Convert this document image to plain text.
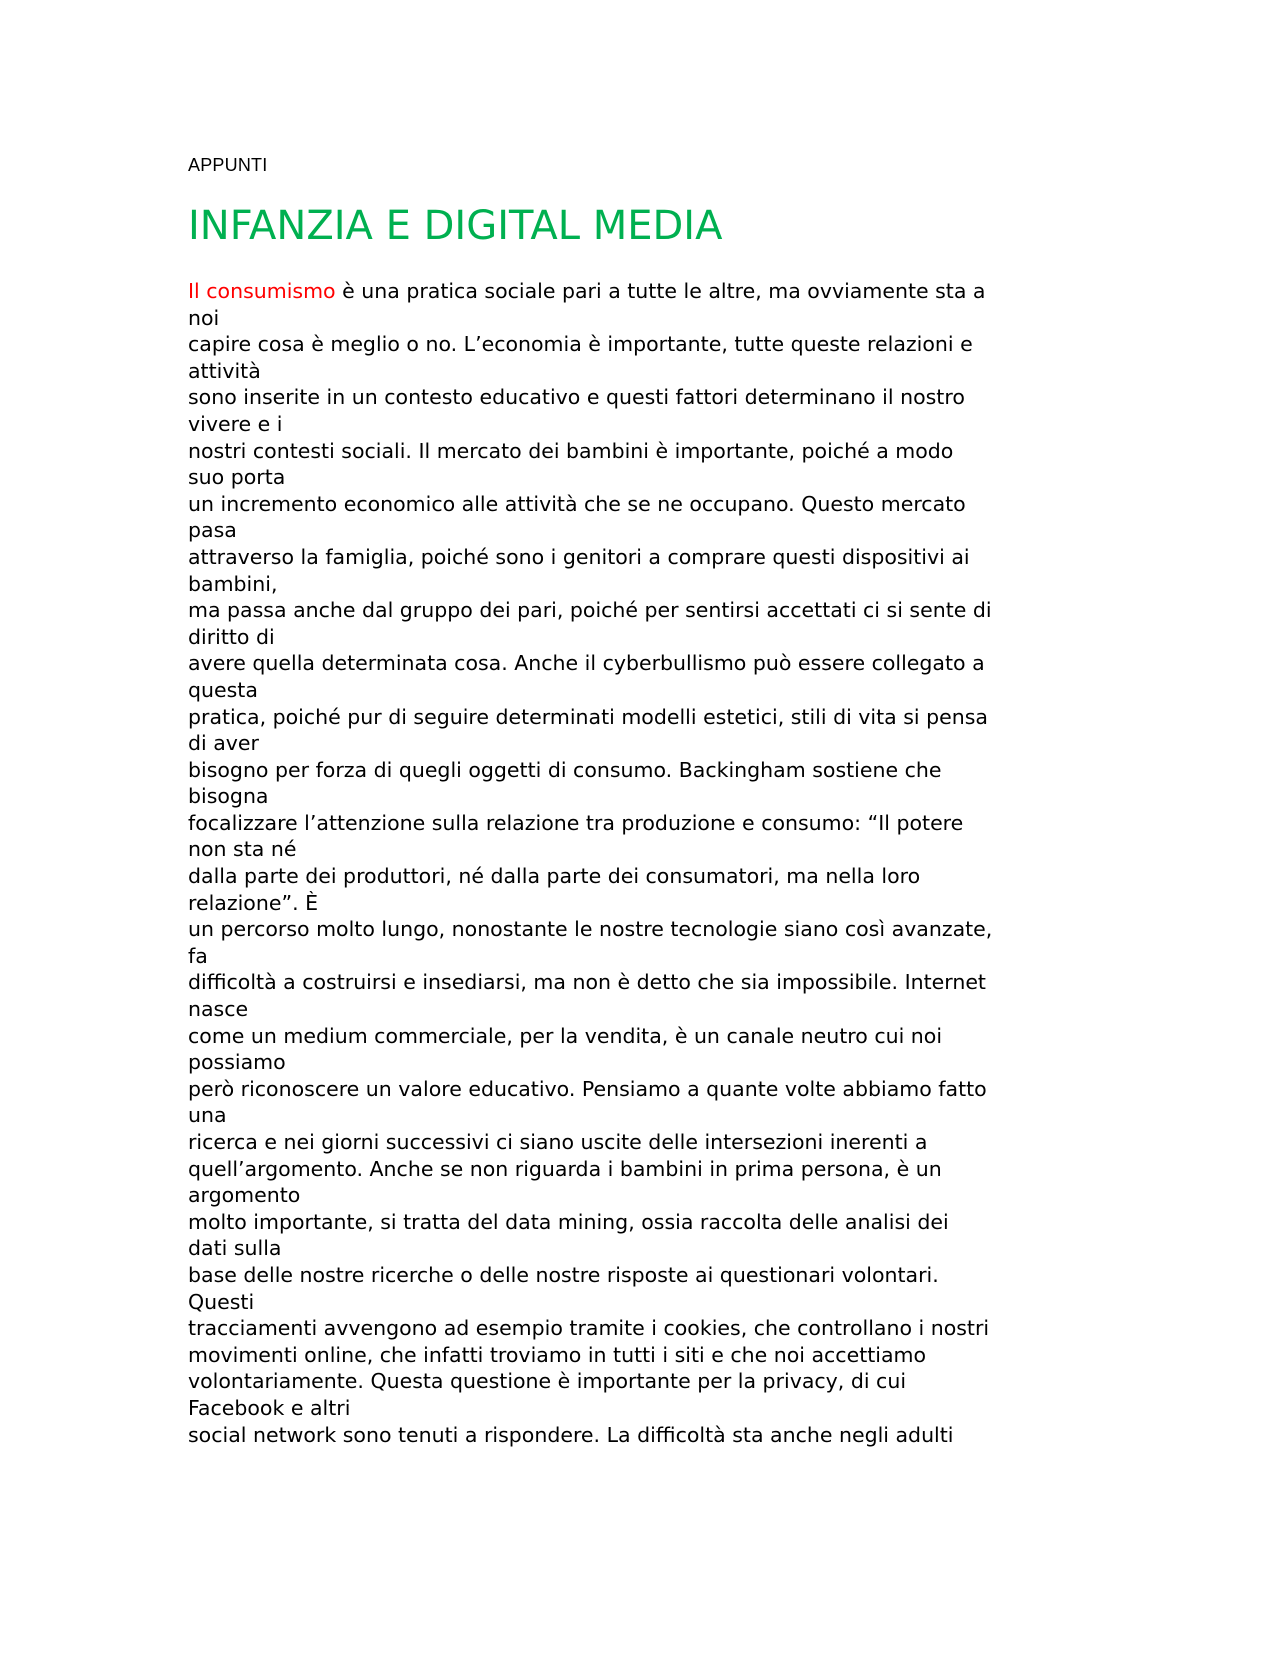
APPUNTI
INFANZIA E DIGITAL MEDIA
Il consumismo è una pratica sociale pari a tutte le altre, ma ovviamente sta a
noi
capire cosa è meglio o no. L’economia è importante, tutte queste relazioni e
attività
sono inserite in un contesto educativo e questi fattori determinano il nostro
vivere e i
nostri contesti sociali. Il mercato dei bambini è importante, poiché a modo
suo porta
un incremento economico alle attività che se ne occupano. Questo mercato
pasa
attraverso la famiglia, poiché sono i genitori a comprare questi dispositivi ai
bambini,
ma passa anche dal gruppo dei pari, poiché per sentirsi accettati ci si sente di
diritto di
avere quella determinata cosa. Anche il cyberbullismo può essere collegato a
questa
pratica, poiché pur di seguire determinati modelli estetici, stili di vita si pensa
di aver
bisogno per forza di quegli oggetti di consumo. Backingham sostiene che
bisogna
focalizzare l’attenzione sulla relazione tra produzione e consumo: “Il potere
non sta né
dalla parte dei produttori, né dalla parte dei consumatori, ma nella loro
relazione”. È
un percorso molto lungo, nonostante le nostre tecnologie siano così avanzate,
fa
difficoltà a costruirsi e insediarsi, ma non è detto che sia impossibile. Internet
nasce
come un medium commerciale, per la vendita, è un canale neutro cui noi
possiamo
però riconoscere un valore educativo. Pensiamo a quante volte abbiamo fatto
una
ricerca e nei giorni successivi ci siano uscite delle intersezioni inerenti a
quell’argomento. Anche se non riguarda i bambini in prima persona, è un
argomento
molto importante, si tratta del data mining, ossia raccolta delle analisi dei
dati sulla
base delle nostre ricerche o delle nostre risposte ai questionari volontari.
Questi
tracciamenti avvengono ad esempio tramite i cookies, che controllano i nostri
movimenti online, che infatti troviamo in tutti i siti e che noi accettiamo
volontariamente. Questa questione è importante per la privacy, di cui
Facebook e altri
social network sono tenuti a rispondere. La difficoltà sta anche negli adulti
